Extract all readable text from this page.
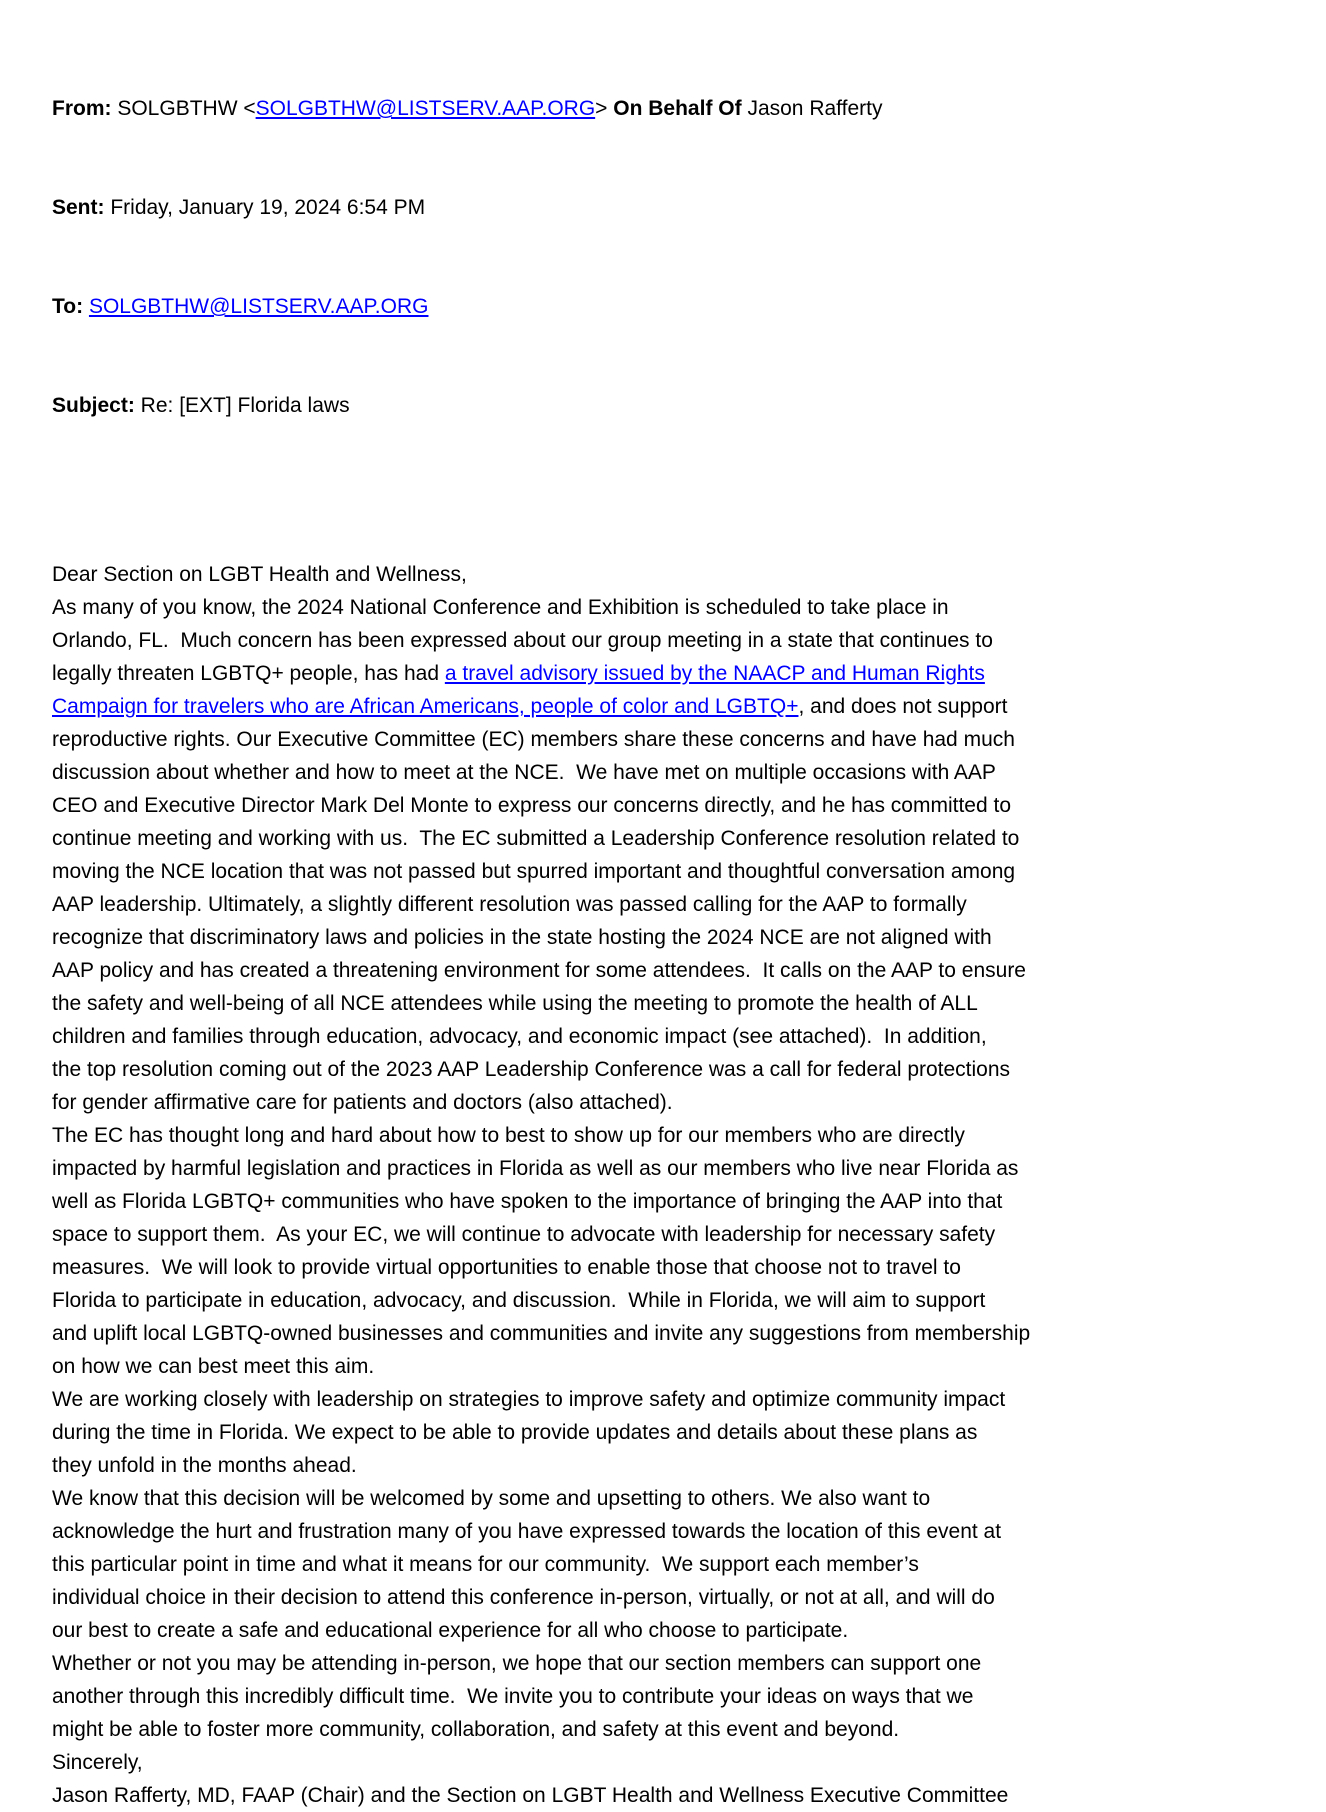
From: SOLGBTHW <SOLGBTHW@LISTSERV.AAP.ORG> On Behalf Of Jason Rafferty

Sent: Friday, January 19, 2024 6:54 PM

To: SOLGBTHW@LISTSERV.AAP.ORG

Subject: Re: [EXT] Florida laws

Dear Section on LGBT Health and Wellness,

As many of you know, the 2024 National Conference and Exhibition is scheduled to take place in
Orlando, FL.  Much concern has been expressed about our group meeting in a state that continues to
legally threaten LGBTQ+ people, has had a travel advisory issued by the NAACP and Human Rights
Campaign for travelers who are African Americans, people of color and LGBTQ+, and does not support
reproductive rights. Our Executive Committee (EC) members share these concerns and have had much
discussion about whether and how to meet at the NCE.  We have met on multiple occasions with AAP
CEO and Executive Director Mark Del Monte to express our concerns directly, and he has committed to
continue meeting and working with us.  The EC submitted a Leadership Conference resolution related to
moving the NCE location that was not passed but spurred important and thoughtful conversation among
AAP leadership. Ultimately, a slightly different resolution was passed calling for the AAP to formally
recognize that discriminatory laws and policies in the state hosting the 2024 NCE are not aligned with
AAP policy and has created a threatening environment for some attendees.  It calls on the AAP to ensure
the safety and well-being of all NCE attendees while using the meeting to promote the health of ALL
children and families through education, advocacy, and economic impact (see attached).  In addition,
the top resolution coming out of the 2023 AAP Leadership Conference was a call for federal protections
for gender affirmative care for patients and doctors (also attached).

The EC has thought long and hard about how to best to show up for our members who are directly
impacted by harmful legislation and practices in Florida as well as our members who live near Florida as
well as Florida LGBTQ+ communities who have spoken to the importance of bringing the AAP into that
space to support them.  As your EC, we will continue to advocate with leadership for necessary safety
measures.  We will look to provide virtual opportunities to enable those that choose not to travel to
Florida to participate in education, advocacy, and discussion.  While in Florida, we will aim to support
and uplift local LGBTQ-owned businesses and communities and invite any suggestions from membership
on how we can best meet this aim.

We are working closely with leadership on strategies to improve safety and optimize community impact
during the time in Florida. We expect to be able to provide updates and details about these plans as
they unfold in the months ahead.

We know that this decision will be welcomed by some and upsetting to others. We also want to
acknowledge the hurt and frustration many of you have expressed towards the location of this event at
this particular point in time and what it means for our community.  We support each member’s
individual choice in their decision to attend this conference in-person, virtually, or not at all, and will do
our best to create a safe and educational experience for all who choose to participate.

Whether or not you may be attending in-person, we hope that our section members can support one
another through this incredibly difficult time.  We invite you to contribute your ideas on ways that we
might be able to foster more community, collaboration, and safety at this event and beyond.

Sincerely,

Jason Rafferty, MD, FAAP (Chair) and the Section on LGBT Health and Wellness Executive Committee
